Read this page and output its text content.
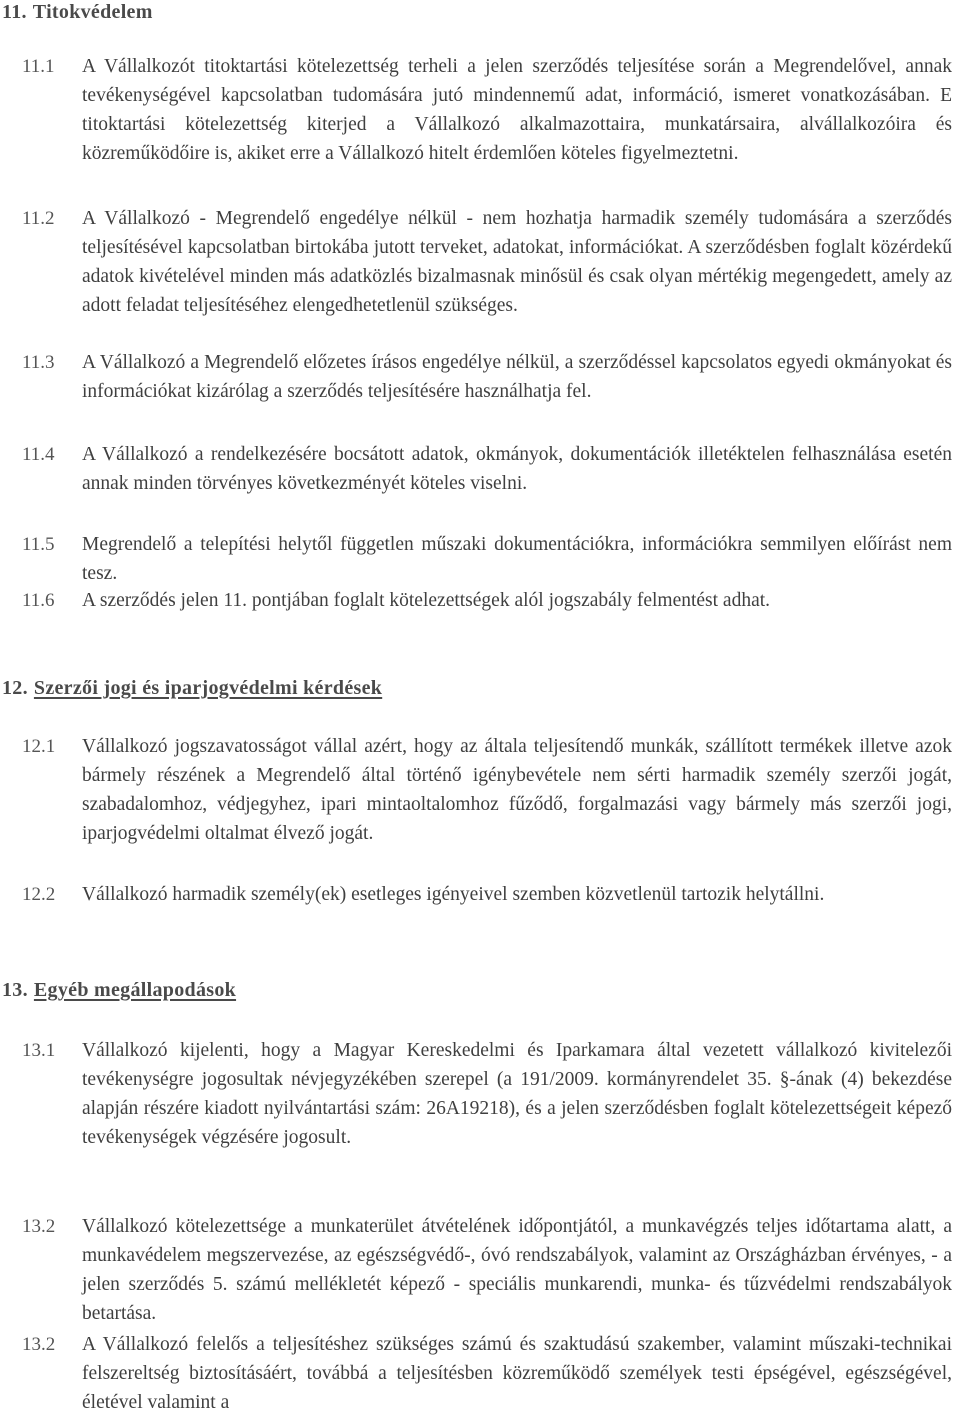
11. Titokvédelem
11.1 A Vállalkozót titoktartási kötelezettség terheli a jelen szerződés teljesítése során a Megrendelővel, annak tevékenységével kapcsolatban tudomására jutó mindennemű adat, információ, ismeret vonatkozásában. E titoktartási kötelezettség kiterjed a Vállalkozó alkalmazottaira, munkatársaira, alvállalkozóira és közreműködőire is, akiket erre a Vállalkozó hitelt érdemlően köteles figyelmeztetni.

11.2 A Vállalkozó - Megrendelő engedélye nélkül - nem hozhatja harmadik személy tudomására a szerződés teljesítésével kapcsolatban birtokába jutott terveket, adatokat, információkat. A szerződésben foglalt közérdekű adatok kivételével minden más adatközlés bizalmasnak minősül és csak olyan mértékig megengedett, amely az adott feladat teljesítéséhez elengedhetetlenül szükséges.

11.3 A Vállalkozó a Megrendelő előzetes írásos engedélye nélkül, a szerződéssel kapcsolatos egyedi okmányokat és információkat kizárólag a szerződés teljesítésére használhatja fel.

11.4 A Vállalkozó a rendelkezésére bocsátott adatok, okmányok, dokumentációk illetéktelen felhasználása esetén annak minden törvényes következményét köteles viselni.

11.5 Megrendelő a telepítési helytől független műszaki dokumentációkra, információkra semmilyen előírást nem tesz.

11.6 A szerződés jelen 11. pontjában foglalt kötelezettségek alól jogszabály felmentést adhat.

12. Szerzői jogi és iparjogvédelmi kérdések
12.1 Vállalkozó jogszavatosságot vállal azért, hogy az általa teljesítendő munkák, szállított termékek illetve azok bármely részének a Megrendelő által történő igénybevétele nem sérti harmadik személy szerzői jogát, szabadalomhoz, védjegyhez, ipari mintaoltalomhoz fűződő, forgalmazási vagy bármely más szerzői jogi, iparjogvédelmi oltalmat élvező jogát.

12.2 Vállalkozó harmadik személy(ek) esetleges igényeivel szemben közvetlenül tartozik helytállni.

13. Egyéb megállapodások
13.1 Vállalkozó kijelenti, hogy a Magyar Kereskedelmi és Iparkamara által vezetett vállalkozó kivitelezői tevékenységre jogosultak névjegyzékében szerepel (a 191/2009. kormányrendelet 35. §-ának (4) bekezdése alapján részére kiadott nyilvántartási szám: 26A19218), és a jelen szerződésben foglalt kötelezettségeit képező tevékenységek végzésére jogosult.

13.2 Vállalkozó kötelezettsége a munkaterület átvételének időpontjától, a munkavégzés teljes időtartama alatt, a munkavédelem megszervezése, az egészségvédő-, óvó rendszabályok, valamint az Országházban érvényes, - a jelen szerződés 5. számú mellékletét képező - speciális munkarendi, munka- és tűzvédelmi rendszabályok betartása.

13.2 A Vállalkozó felelős a teljesítéshez szükséges számú és szaktudású szakember, valamint műszaki-technikai felszereltség biztosításáért, továbbá a teljesítésben közreműködő személyek testi épségével, egészségével, életével valamint a
